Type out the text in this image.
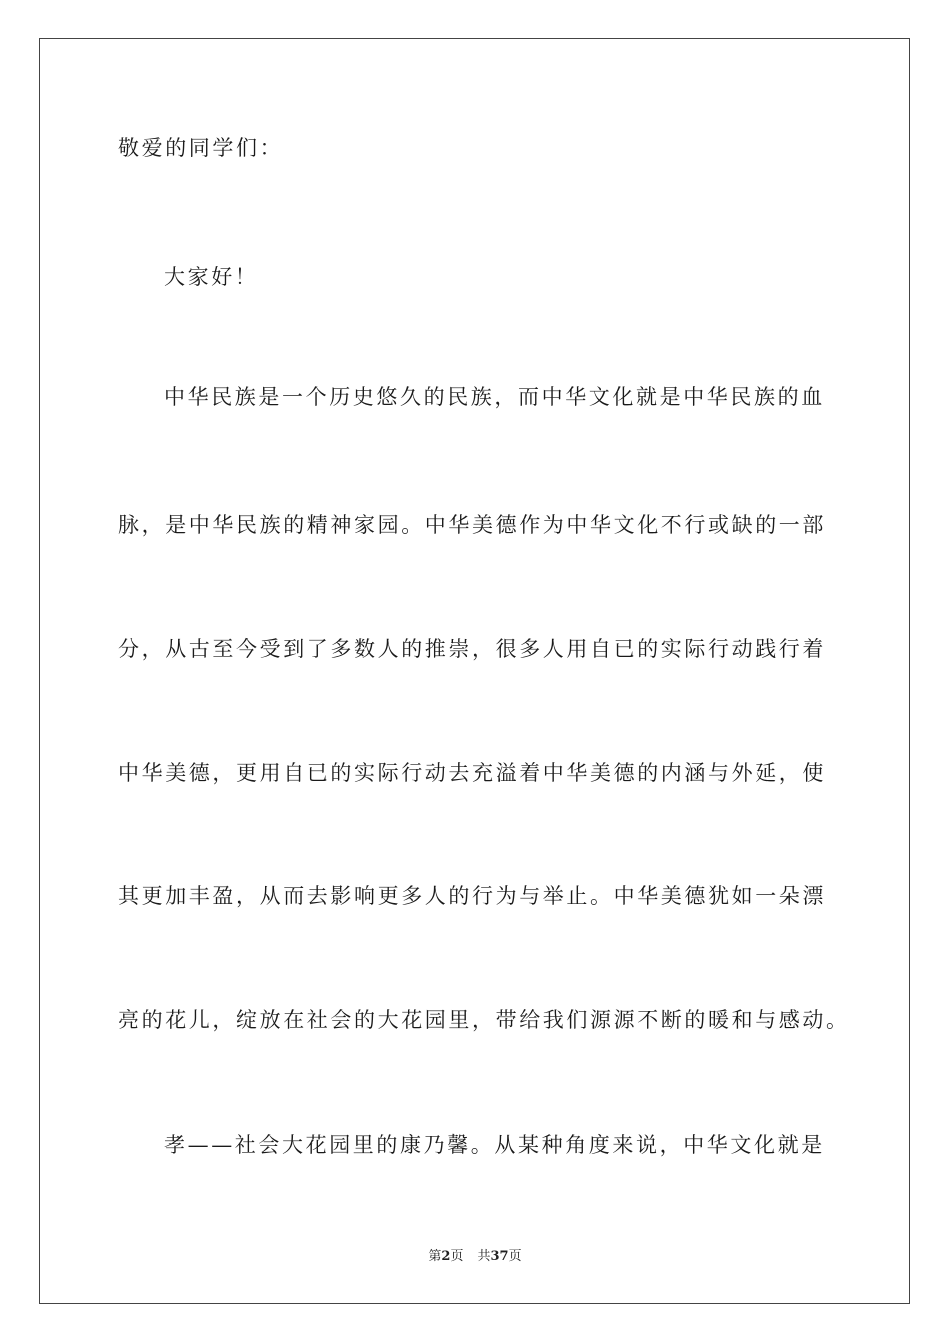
敬爱的同学们：
大家好！
中华民族是一个历史悠久的民族，而中华文化就是中华民族的血
脉，是中华民族的精神家园。中华美德作为中华文化不行或缺的一部
分，从古至今受到了多数人的推崇，很多人用自已的实际行动践行着
中华美德，更用自已的实际行动去充溢着中华美德的内涵与外延，使
其更加丰盈，从而去影响更多人的行为与举止。中华美德犹如一朵漂
亮的花儿，绽放在社会的大花园里，带给我们源源不断的暖和与感动。
孝——社会大花园里的康乃馨。从某种角度来说，中华文化就是
第2页 共37页
